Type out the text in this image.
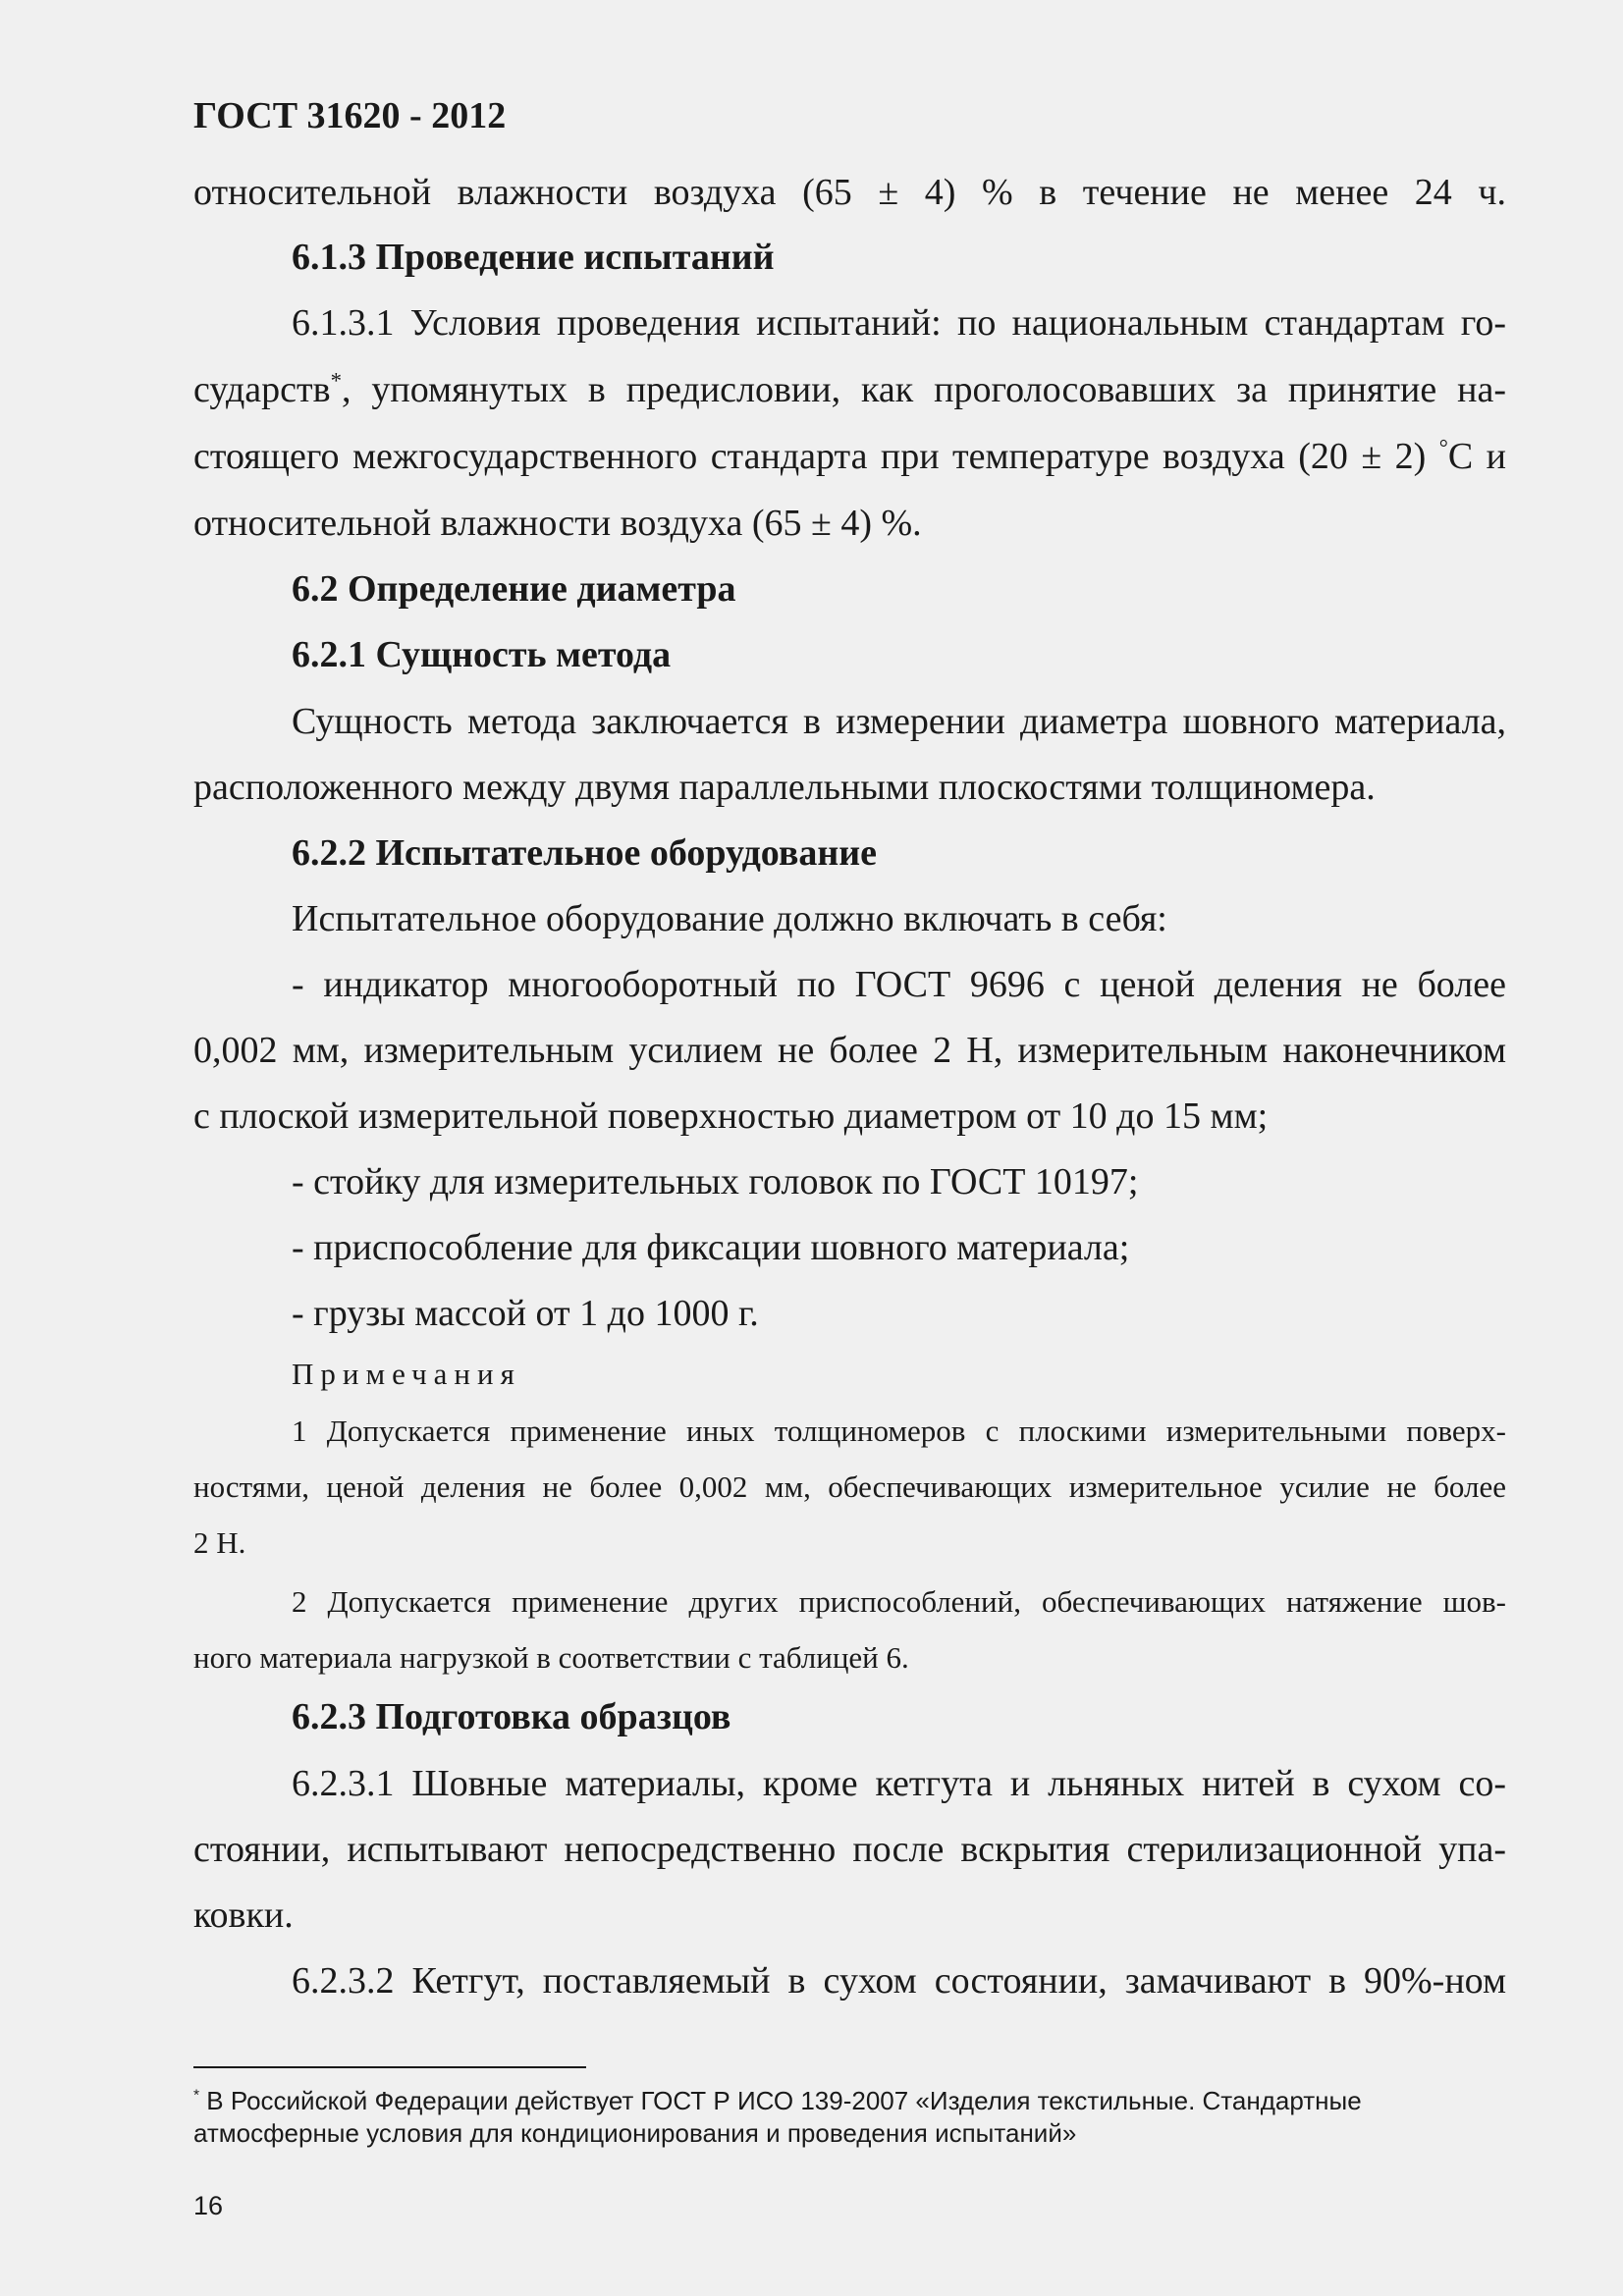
ГОСТ 31620 - 2012
относительной влажности воздуха (65 ± 4) % в течение не менее 24 ч.
6.1.3 Проведение испытаний
6.1.3.1 Условия проведения испытаний: по национальным стандартам го-
сударств*, упомянутых в предисловии, как проголосовавших за принятие на-
стоящего межгосударственного стандарта при температуре воздуха (20 ± 2) °C и
относительной влажности воздуха (65 ± 4) %.
6.2 Определение диаметра
6.2.1 Сущность метода
Сущность метода заключается в измерении диаметра шовного материала,
расположенного между двумя параллельными плоскостями толщиномера.
6.2.2 Испытательное оборудование
Испытательное оборудование должно включать в себя:
- индикатор многооборотный по ГОСТ 9696 с ценой деления не более
0,002 мм, измерительным усилием не более 2 Н, измерительным наконечником
с плоской измерительной поверхностью диаметром от 10 до 15 мм;
- стойку для измерительных головок по ГОСТ 10197;
- приспособление для фиксации шовного материала;
- грузы массой от 1 до 1000 г.
Примечания
1 Допускается применение иных толщиномеров с плоскими измерительными поверх-
ностями, ценой деления не более 0,002 мм, обеспечивающих измерительное усилие не более
2 Н.
2 Допускается применение других приспособлений, обеспечивающих натяжение шов-
ного материала нагрузкой в соответствии с таблицей 6.
6.2.3 Подготовка образцов
6.2.3.1 Шовные материалы, кроме кетгута и льняных нитей в сухом со-
стоянии, испытывают непосредственно после вскрытия стерилизационной упа-
ковки.
6.2.3.2 Кетгут, поставляемый в сухом состоянии, замачивают в 90%-ном
* В Российской Федерации действует ГОСТ Р ИСО 139-2007 «Изделия текстильные. Стандартные
атмосферные условия для кондиционирования и проведения испытаний»
16
